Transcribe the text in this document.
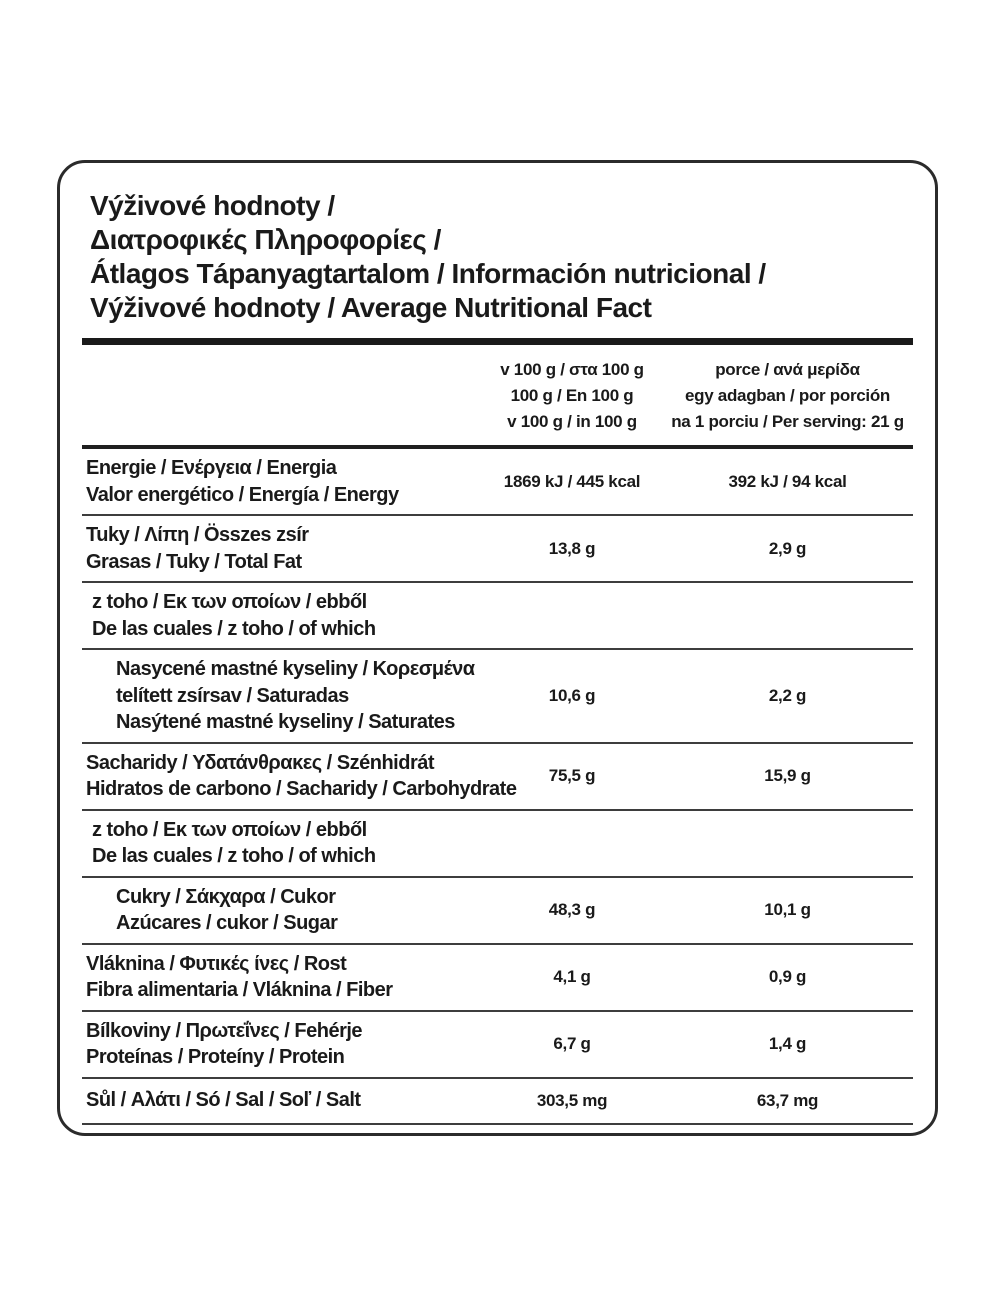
Výživové hodnoty /
Διατροφικές Πληροφορίες /
Átlagos Tápanyagtartalom / Información nutricional /
Výživové hodnoty / Average Nutritional Fact
v 100 g / στα 100 g
100 g / En 100 g
v 100 g / in 100 g
porce / ανά μερίδα
egy adagban / por porción
na 1 porciu / Per serving: 21 g
Energie / Ενέργεια / Energia
Valor energético / Energía / Energy
1869 kJ / 445 kcal	392 kJ / 94 kcal
Tuky / Λίπη / Összes zsír
Grasas / Tuky / Total Fat
13,8 g	2,9 g
z toho / Εκ των οποίων / ebből
De las cuales / z toho / of which
Nasycené mastné kyseliny / Κορεσμένα
telített zsírsav / Saturadas
Nasýtené mastné kyseliny / Saturates
10,6 g	2,2 g
Sacharidy / Υδατάνθρακες / Szénhidrát
Hidratos de carbono / Sacharidy / Carbohydrate
75,5 g	15,9 g
z toho / Εκ των οποίων / ebből
De las cuales / z toho / of which
Cukry / Σάκχαρα / Cukor
Azúcares / cukor / Sugar
48,3 g	10,1 g
Vláknina / Φυτικές ίνες / Rost
Fibra alimentaria / Vláknina / Fiber
4,1 g	0,9 g
Bílkoviny / Πρωτεΐνες / Fehérje
Proteínas / Proteíny / Protein
6,7 g	1,4 g
Sůl / Αλάτι / Só / Sal / Soľ / Salt	303,5 mg	63,7 mg
